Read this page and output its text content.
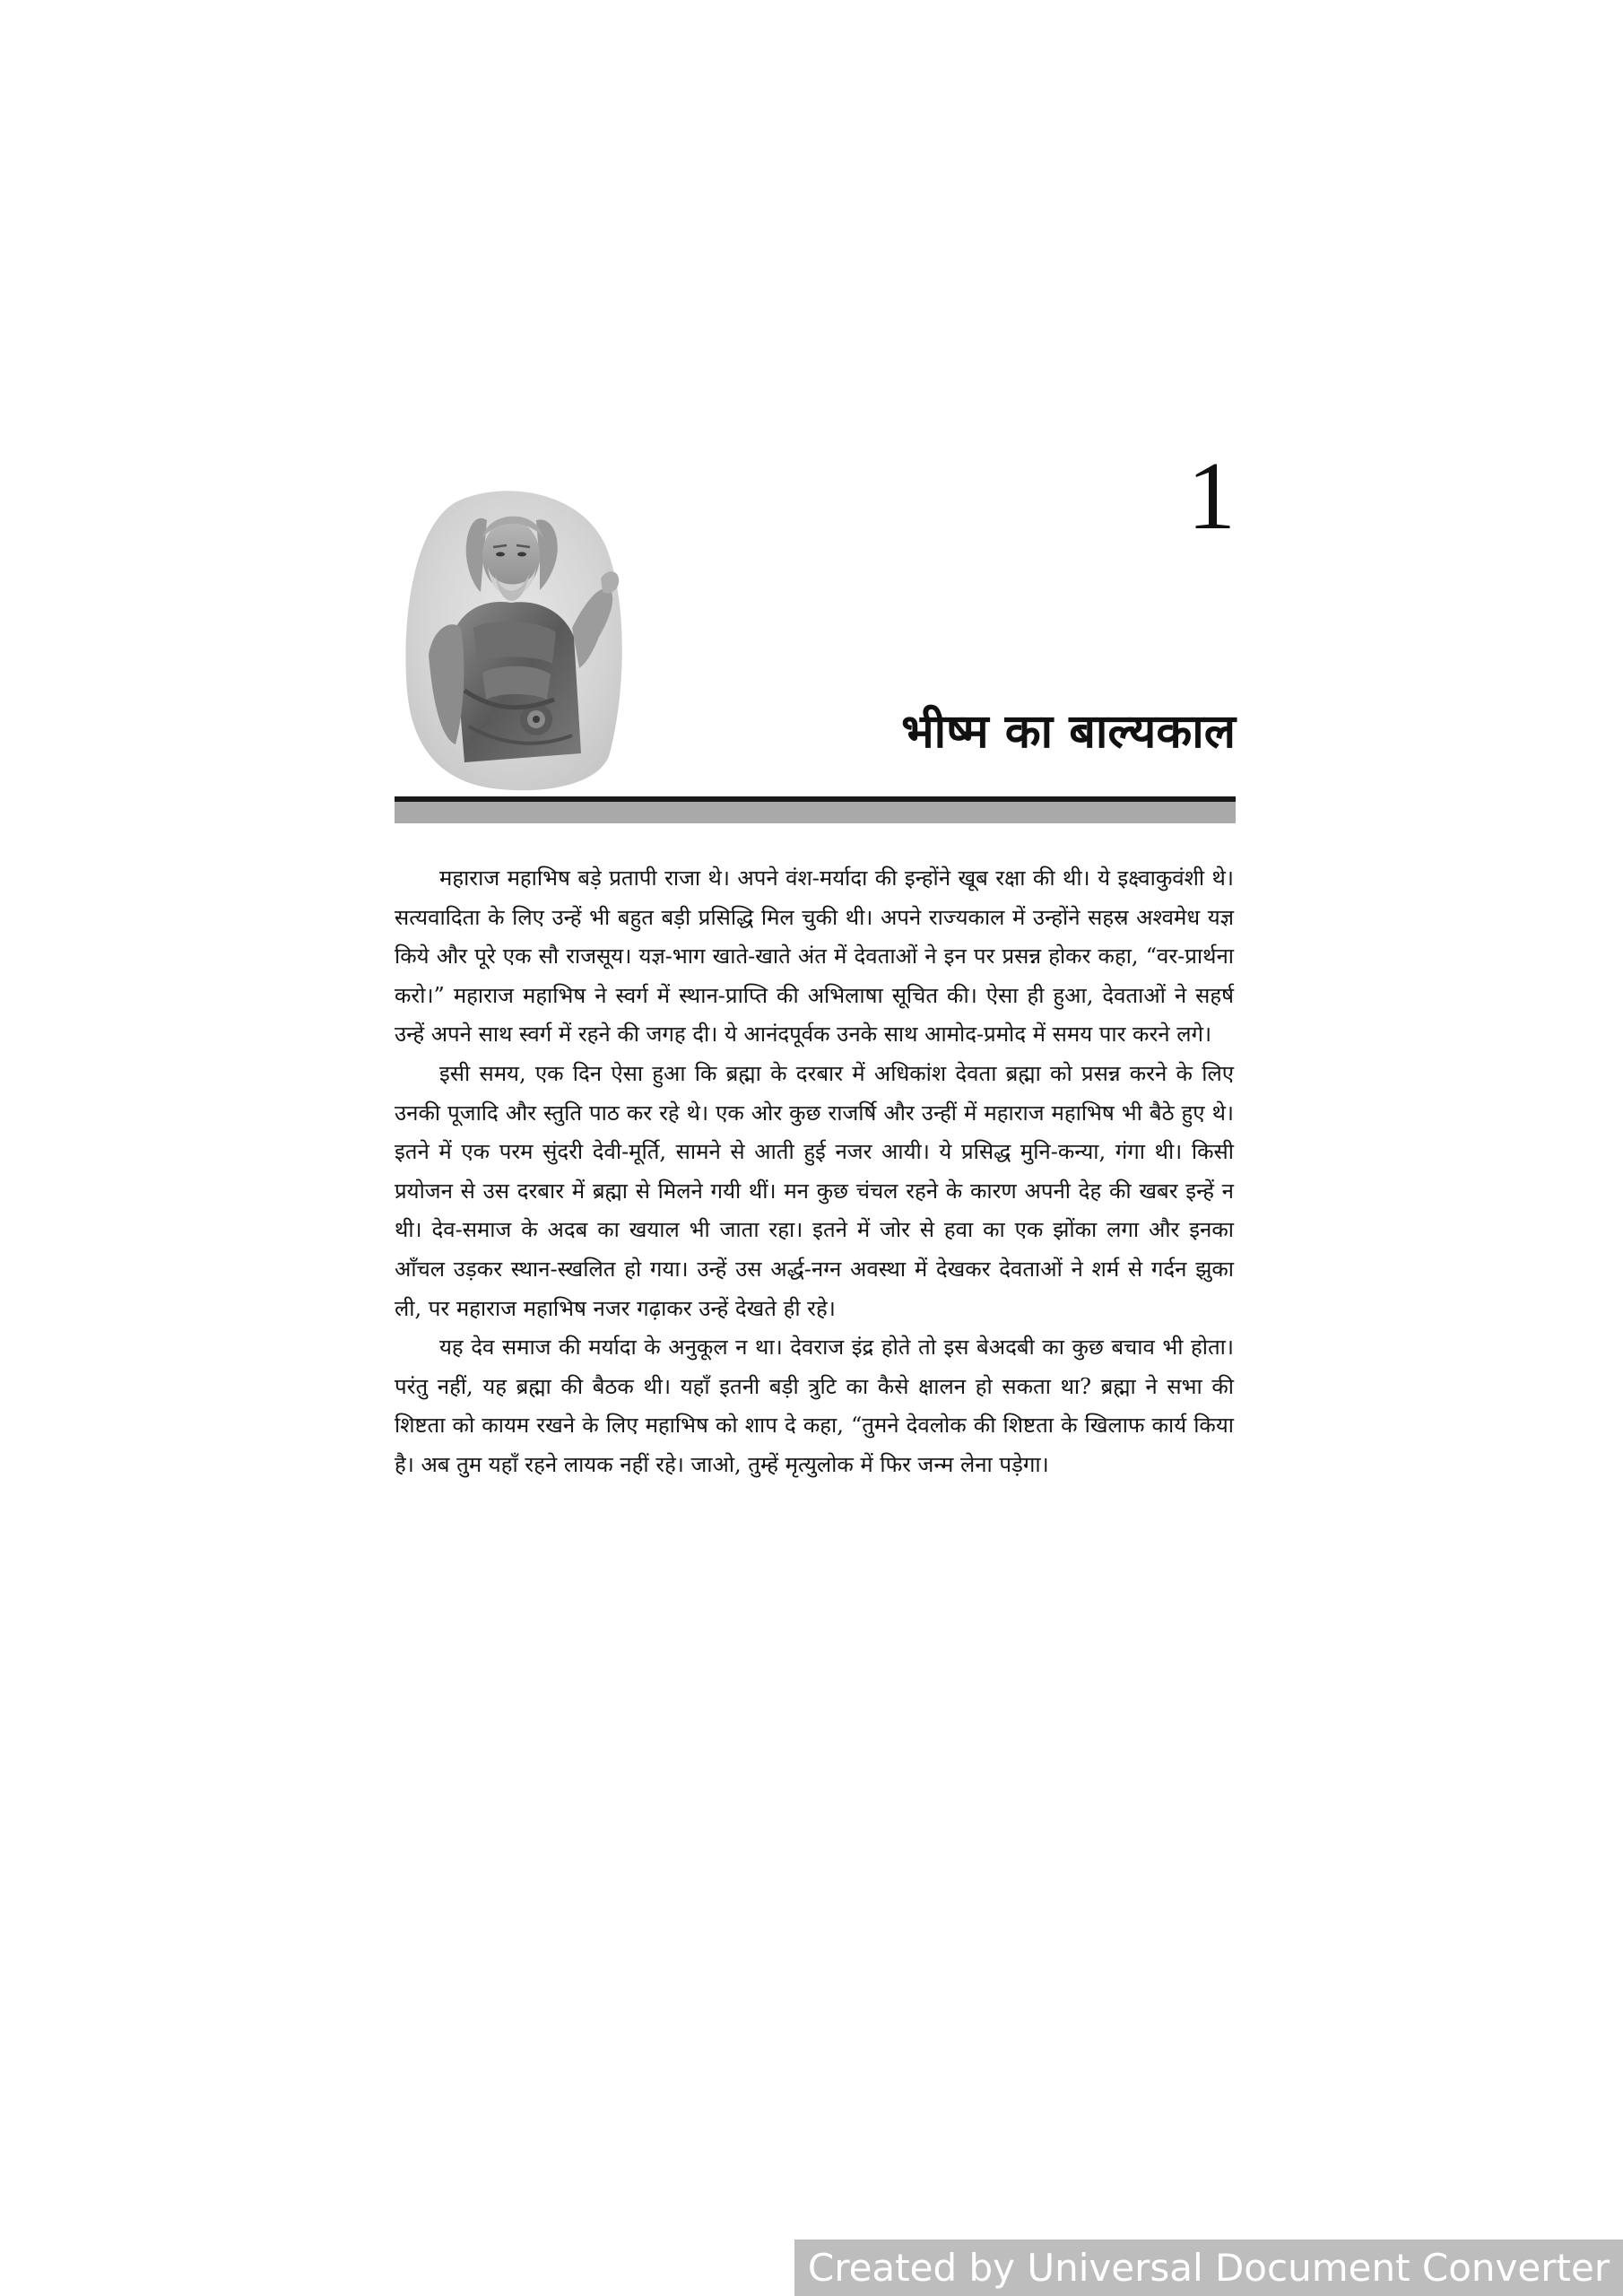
1
भीष्म का बाल्यकाल

महाराज महाभिष बड़े प्रतापी राजा थे। अपने वंश-मर्यादा की इन्होंने खूब रक्षा की थी। ये इक्ष्वाकुवंशी थे। सत्यवादिता के लिए उन्हें भी बहुत बड़ी प्रसिद्धि मिल चुकी थी। अपने राज्यकाल में उन्होंने सहस्र अश्वमेध यज्ञ किये और पूरे एक सौ राजसूय। यज्ञ-भाग खाते-खाते अंत में देवताओं ने इन पर प्रसन्न होकर कहा, “वर-प्रार्थना करो।” महाराज महाभिष ने स्वर्ग में स्थान-प्राप्ति की अभिलाषा सूचित की। ऐसा ही हुआ, देवताओं ने सहर्ष उन्हें अपने साथ स्वर्ग में रहने की जगह दी। ये आनंदपूर्वक उनके साथ आमोद-प्रमोद में समय पार करने लगे।

इसी समय, एक दिन ऐसा हुआ कि ब्रह्मा के दरबार में अधिकांश देवता ब्रह्मा को प्रसन्न करने के लिए उनकी पूजादि और स्तुति पाठ कर रहे थे। एक ओर कुछ राजर्षि और उन्हीं में महाराज महाभिष भी बैठे हुए थे। इतने में एक परम सुंदरी देवी-मूर्ति, सामने से आती हुई नजर आयी। ये प्रसिद्ध मुनि-कन्या, गंगा थी। किसी प्रयोजन से उस दरबार में ब्रह्मा से मिलने गयी थीं। मन कुछ चंचल रहने के कारण अपनी देह की खबर इन्हें न थी। देव-समाज के अदब का खयाल भी जाता रहा। इतने में जोर से हवा का एक झोंका लगा और इनका आँचल उड़कर स्थान-स्खलित हो गया। उन्हें उस अर्द्ध-नग्न अवस्था में देखकर देवताओं ने शर्म से गर्दन झुका ली, पर महाराज महाभिष नजर गढ़ाकर उन्हें देखते ही रहे।

यह देव समाज की मर्यादा के अनुकूल न था। देवराज इंद्र होते तो इस बेअदबी का कुछ बचाव भी होता। परंतु नहीं, यह ब्रह्मा की बैठक थी। यहाँ इतनी बड़ी त्रुटि का कैसे क्षालन हो सकता था? ब्रह्मा ने सभा की शिष्टता को कायम रखने के लिए महाभिष को शाप दे कहा, “तुमने देवलोक की शिष्टता के खिलाफ कार्य किया है। अब तुम यहाँ रहने लायक नहीं रहे। जाओ, तुम्हें मृत्युलोक में फिर जन्म लेना पड़ेगा।

Created by Universal Document Converter
